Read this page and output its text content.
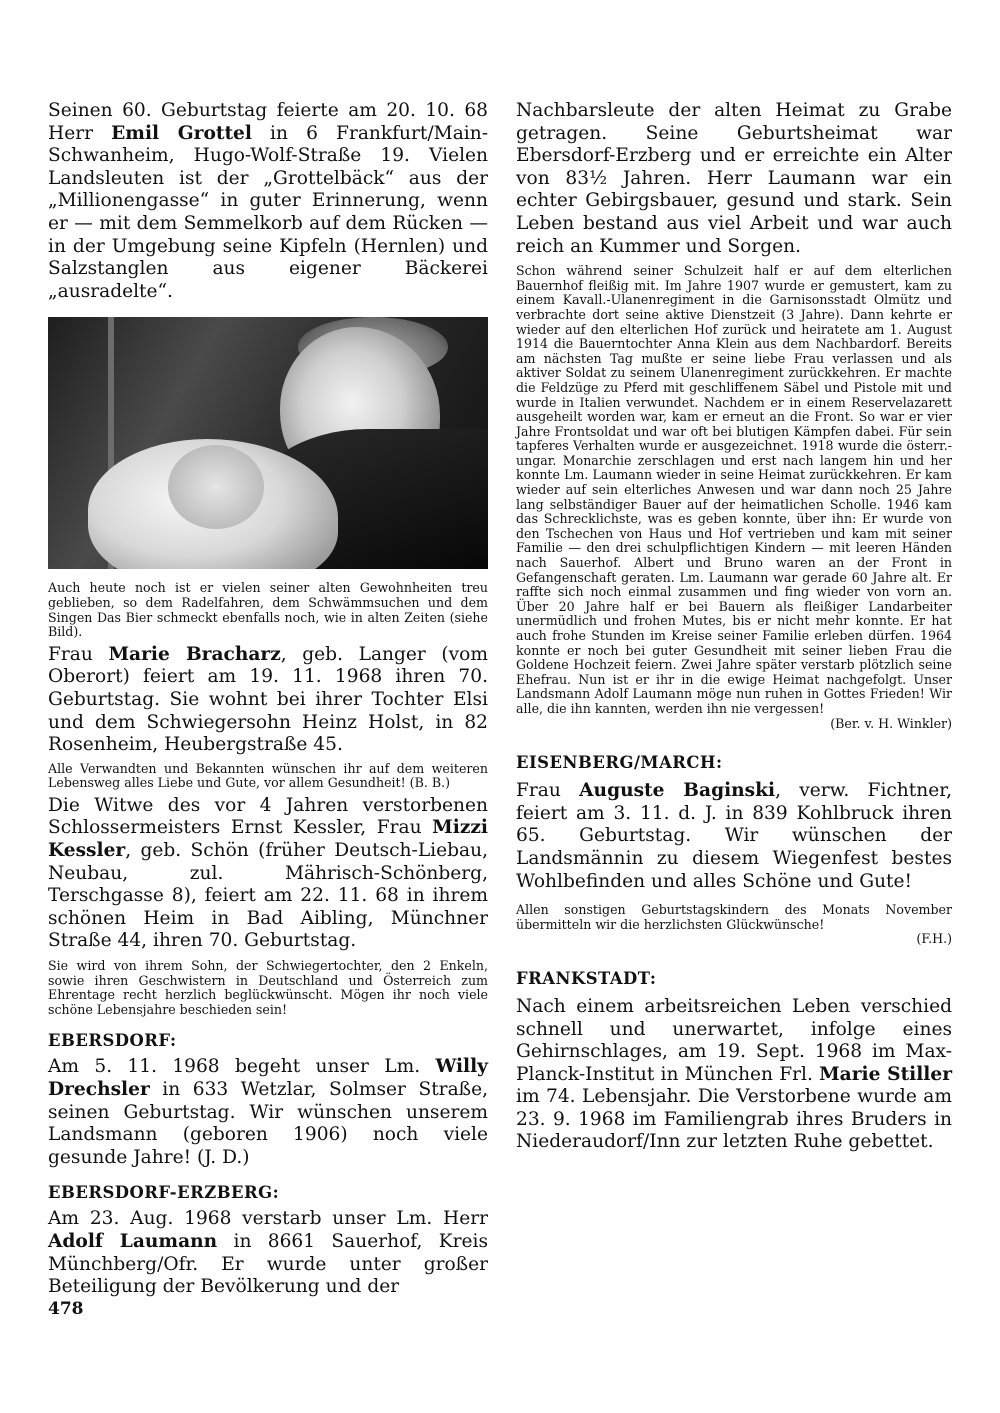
Seinen 60. Geburtstag feierte am 20. 10. 68 Herr Emil Grottel in 6 Frankfurt/Main-Schwanheim, Hugo-Wolf-Straße 19. Vielen Landsleuten ist der „Grottelbäck“ aus der „Millionengasse“ in guter Erinnerung, wenn er — mit dem Semmelkorb auf dem Rücken — in der Umgebung seine Kipfeln (Hernlen) und Salzstanglen aus eigener Bäckerei „ausradelte“.

Auch heute noch ist er vielen seiner alten Gewohnheiten treu geblieben, so dem Radelfahren, dem Schwämmsuchen und dem Singen Das Bier schmeckt ebenfalls noch, wie in alten Zeiten (siehe Bild).

Frau Marie Bracharz, geb. Langer (vom Oberort) feiert am 19. 11. 1968 ihren 70. Geburtstag. Sie wohnt bei ihrer Tochter Elsi und dem Schwiegersohn Heinz Holst, in 82 Rosenheim, Heubergstraße 45.

Alle Verwandten und Bekannten wünschen ihr auf dem weiteren Lebensweg alles Liebe und Gute, vor allem Gesundheit! (B. B.)

Die Witwe des vor 4 Jahren verstorbenen Schlossermeisters Ernst Kessler, Frau Mizzi Kessler, geb. Schön (früher Deutsch-Liebau, Neubau, zul. Mährisch-Schönberg, Terschgasse 8), feiert am 22. 11. 68 in ihrem schönen Heim in Bad Aibling, Münchner Straße 44, ihren 70. Geburtstag.

Sie wird von ihrem Sohn, der Schwiegertochter, den 2 Enkeln, sowie ihren Geschwistern in Deutschland und Österreich zum Ehrentage recht herzlich beglückwünscht. Mögen ihr noch viele schöne Lebensjahre beschieden sein!

EBERSDORF:

Am 5. 11. 1968 begeht unser Lm. Willy Drechsler in 633 Wetzlar, Solmser Straße, seinen Geburtstag. Wir wünschen unserem Landsmann (geboren 1906) noch viele gesunde Jahre! (J. D.)

EBERSDORF-ERZBERG:

Am 23. Aug. 1968 verstarb unser Lm. Herr Adolf Laumann in 8661 Sauerhof, Kreis Münchberg/Ofr. Er wurde unter großer Beteiligung der Bevölkerung und der

Nachbarsleute der alten Heimat zu Grabe getragen. Seine Geburtsheimat war Ebersdorf-Erzberg und er erreichte ein Alter von 83½ Jahren. Herr Laumann war ein echter Gebirgsbauer, gesund und stark. Sein Leben bestand aus viel Arbeit und war auch reich an Kummer und Sorgen.

Schon während seiner Schulzeit half er auf dem elterlichen Bauernhof fleißig mit. Im Jahre 1907 wurde er gemustert, kam zu einem Kavall.-Ulanenregiment in die Garnisonsstadt Olmütz und verbrachte dort seine aktive Dienstzeit (3 Jahre). Dann kehrte er wieder auf den elterlichen Hof zurück und heiratete am 1. August 1914 die Bauerntochter Anna Klein aus dem Nachbardorf. Bereits am nächsten Tag mußte er seine liebe Frau verlassen und als aktiver Soldat zu seinem Ulanenregiment zurückkehren. Er machte die Feldzüge zu Pferd mit geschliffenem Säbel und Pistole mit und wurde in Italien verwundet. Nachdem er in einem Reservelazarett ausgeheilt worden war, kam er erneut an die Front. So war er vier Jahre Frontsoldat und war oft bei blutigen Kämpfen dabei. Für sein tapferes Verhalten wurde er ausgezeichnet. 1918 wurde die österr.-ungar. Monarchie zerschlagen und erst nach langem hin und her konnte Lm. Laumann wieder in seine Heimat zurückkehren. Er kam wieder auf sein elterliches Anwesen und war dann noch 25 Jahre lang selbständiger Bauer auf der heimatlichen Scholle. 1946 kam das Schrecklichste, was es geben konnte, über ihn: Er wurde von den Tschechen von Haus und Hof vertrieben und kam mit seiner Familie — den drei schulpflichtigen Kindern — mit leeren Händen nach Sauerhof. Albert und Bruno waren an der Front in Gefangenschaft geraten. Lm. Laumann war gerade 60 Jahre alt. Er raffte sich noch einmal zusammen und fing wieder von vorn an. Über 20 Jahre half er bei Bauern als fleißiger Landarbeiter unermüdlich und frohen Mutes, bis er nicht mehr konnte. Er hat auch frohe Stunden im Kreise seiner Familie erleben dürfen. 1964 konnte er noch bei guter Gesundheit mit seiner lieben Frau die Goldene Hochzeit feiern. Zwei Jahre später verstarb plötzlich seine Ehefrau. Nun ist er ihr in die ewige Heimat nachgefolgt. Unser Landsmann Adolf Laumann möge nun ruhen in Gottes Frieden! Wir alle, die ihn kannten, werden ihn nie vergessen!

(Ber. v. H. Winkler)

EISENBERG/MARCH:

Frau Auguste Baginski, verw. Fichtner, feiert am 3. 11. d. J. in 839 Kohlbruck ihren 65. Geburtstag. Wir wünschen der Landsmännin zu diesem Wiegenfest bestes Wohlbefinden und alles Schöne und Gute!

Allen sonstigen Geburtstagskindern des Monats November übermitteln wir die herzlichsten Glückwünsche!

(F.H.)

FRANKSTADT:

Nach einem arbeitsreichen Leben verschied schnell und unerwartet, infolge eines Gehirnschlages, am 19. Sept. 1968 im Max-Planck-Institut in München Frl. Marie Stiller im 74. Lebensjahr. Die Verstorbene wurde am 23. 9. 1968 im Familiengrab ihres Bruders in Niederaudorf/Inn zur letzten Ruhe gebettet.

478
